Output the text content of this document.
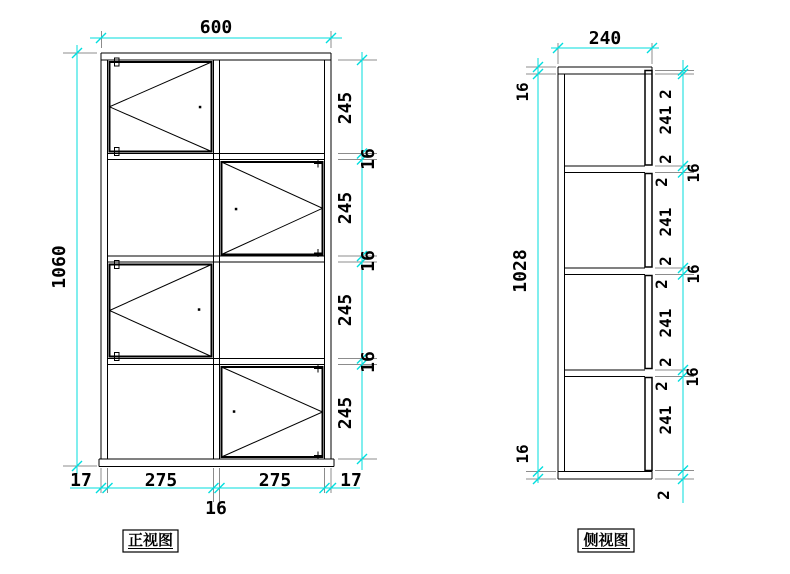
600
1060
245
16
245
16
245
16
245
17	275	275	17
16
正视图
240
16
1028
16
2
241
2
16
2
241
2
16
2
241
2
16
2
241
2
侧视图
